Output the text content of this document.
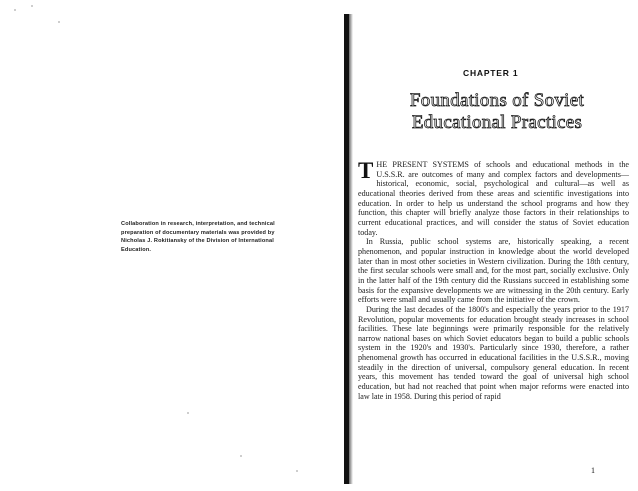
Collaboration in research, interpretation, and technical preparation of documentary materials was provided by Nicholas J. Rokitiansky of the Division of International Education.
CHAPTER 1
Foundations of Soviet Educational Practices

THE PRESENT SYSTEMS of schools and educational methods in the U.S.S.R. are outcomes of many and complex factors and developments—historical, economic, social, psychological and cultural—as well as educational theories derived from these areas and scientific investigations into education. In order to help us understand the school programs and how they function, this chapter will briefly analyze those factors in their relationships to current educational practices, and will consider the status of Soviet education today.

In Russia, public school systems are, historically speaking, a recent phenomenon, and popular instruction in knowledge about the world developed later than in most other societies in Western civilization. During the 18th century, the first secular schools were small and, for the most part, socially exclusive. Only in the latter half of the 19th century did the Russians succeed in establishing some basis for the expansive developments we are witnessing in the 20th century. Early efforts were small and usually came from the initiative of the crown.

During the last decades of the 1800's and especially the years prior to the 1917 Revolution, popular movements for education brought steady increases in school facilities. These late beginnings were primarily responsible for the relatively narrow national bases on which Soviet educators began to build a public schools system in the 1920's and 1930's. Particularly since 1930, therefore, a rather phenomenal growth has occurred in educational facilities in the U.S.S.R., moving steadily in the direction of universal, compulsory general education. In recent years, this movement has tended toward the goal of universal high school education, but had not reached that point when major reforms were enacted into law late in 1958. During this period of rapid

1
